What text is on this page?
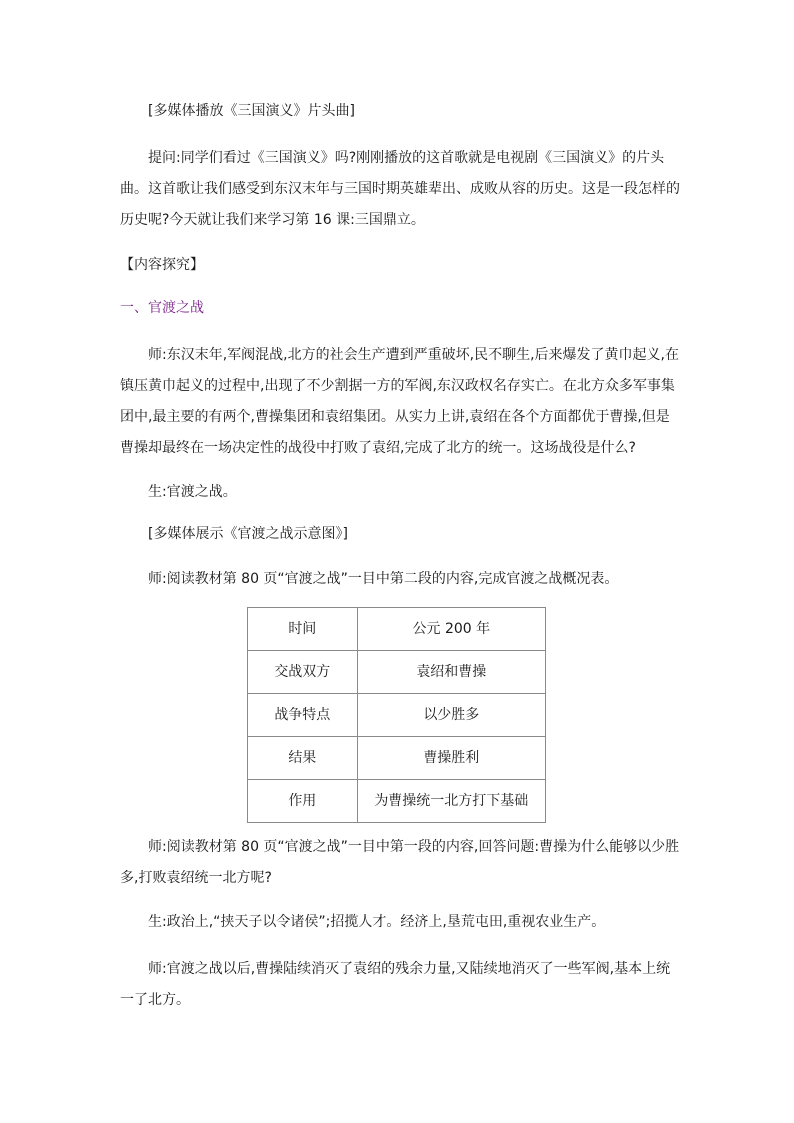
[多媒体播放《三国演义》片头曲]

提问:同学们看过《三国演义》吗?刚刚播放的这首歌就是电视剧《三国演义》的片头曲。这首歌让我们感受到东汉末年与三国时期英雄辈出、成败从容的历史。这是一段怎样的历史呢?今天就让我们来学习第 16 课:三国鼎立。

【内容探究】

一、官渡之战

师:东汉末年,军阀混战,北方的社会生产遭到严重破坏,民不聊生,后来爆发了黄巾起义,在镇压黄巾起义的过程中,出现了不少割据一方的军阀,东汉政权名存实亡。在北方众多军事集团中,最主要的有两个,曹操集团和袁绍集团。从实力上讲,袁绍在各个方面都优于曹操,但是曹操却最终在一场决定性的战役中打败了袁绍,完成了北方的统一。这场战役是什么?

生:官渡之战。

[多媒体展示《官渡之战示意图》]

师:阅读教材第 80 页“官渡之战”一目中第二段的内容,完成官渡之战概况表。

时间	公元 200 年
交战双方	袁绍和曹操
战争特点	以少胜多
结果	曹操胜利
作用	为曹操统一北方打下基础

师:阅读教材第 80 页“官渡之战”一目中第一段的内容,回答问题:曹操为什么能够以少胜多,打败袁绍统一北方呢?

生:政治上,“挟天子以令诸侯”;招揽人才。经济上,垦荒屯田,重视农业生产。

师:官渡之战以后,曹操陆续消灭了袁绍的残余力量,又陆续地消灭了一些军阀,基本上统一了北方。
